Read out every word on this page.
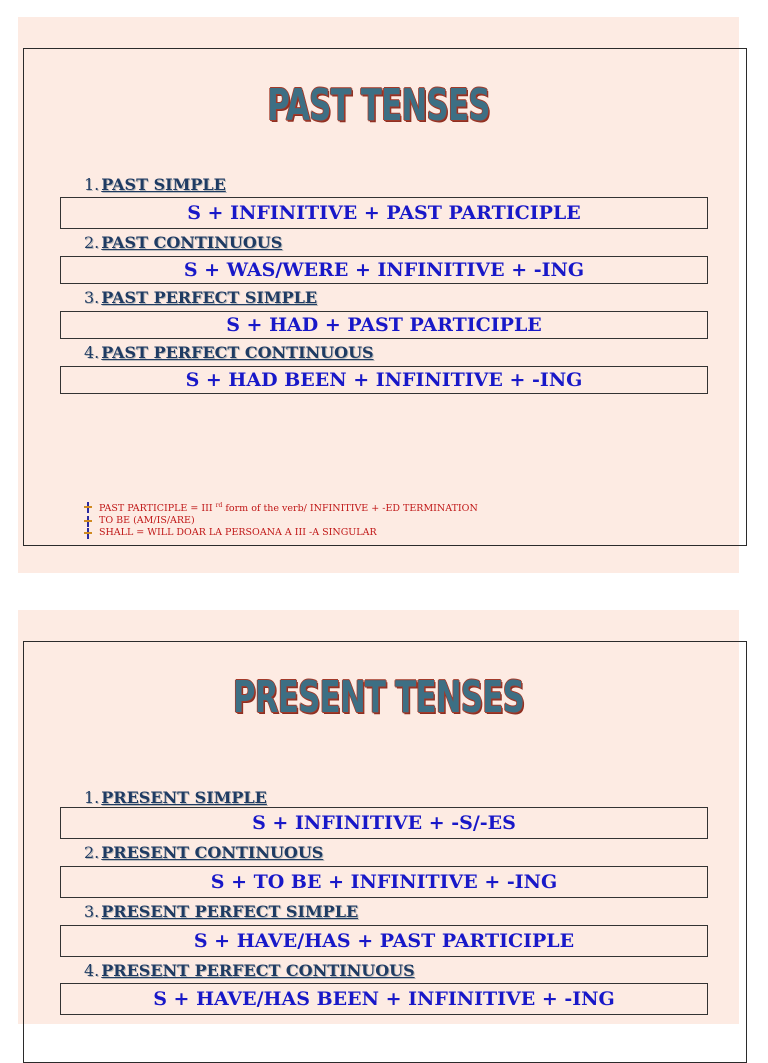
PAST TENSES
1. PAST SIMPLE
S + INFINITIVE + PAST PARTICIPLE
2. PAST CONTINUOUS
S + WAS/WERE + INFINITIVE + -ING
3. PAST PERFECT SIMPLE
S + HAD + PAST PARTICIPLE
4. PAST PERFECT CONTINUOUS
S + HAD BEEN + INFINITIVE + -ING
PAST PARTICIPLE = III $^{rd}$ form of the verb/ INFINITIVE + -ED TERMINATION
TO BE (AM/IS/ARE)
SHALL = WILL DOAR LA PERSOANA A III -A SINGULAR
PRESENT TENSES
1. PRESENT SIMPLE
S + INFINITIVE + -S/-ES
2. PRESENT CONTINUOUS
S + TO BE + INFINITIVE + -ING
3. PRESENT PERFECT SIMPLE
S + HAVE/HAS + PAST PARTICIPLE
4. PRESENT PERFECT CONTINUOUS
S + HAVE/HAS BEEN + INFINITIVE + -ING
